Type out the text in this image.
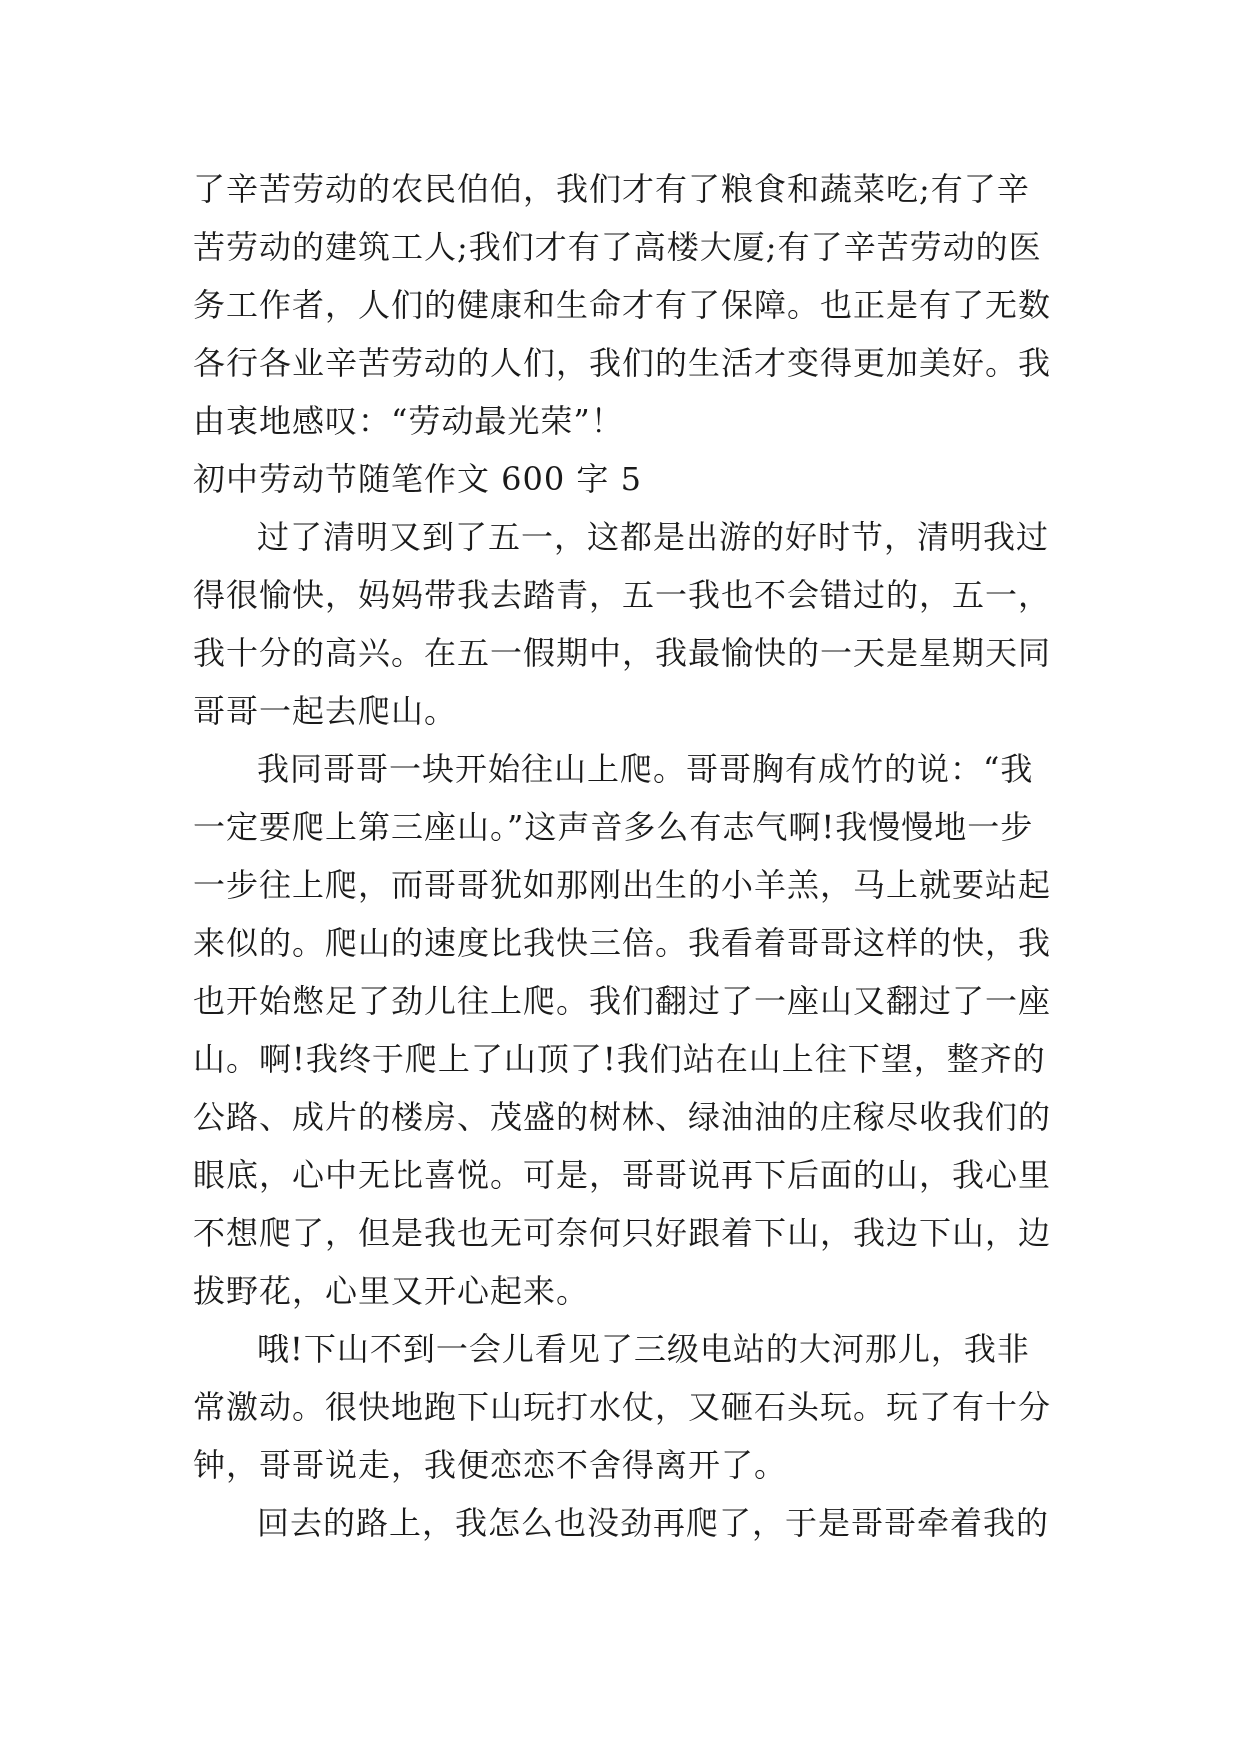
了辛苦劳动的农民伯伯，我们才有了粮食和蔬菜吃;有了辛
苦劳动的建筑工人;我们才有了高楼大厦;有了辛苦劳动的医
务工作者，人们的健康和生命才有了保障。也正是有了无数
各行各业辛苦劳动的人们，我们的生活才变得更加美好。我
由衷地感叹：“劳动最光荣”！
初中劳动节随笔作文 600 字 5
过了清明又到了五一，这都是出游的好时节，清明我过
得很愉快，妈妈带我去踏青，五一我也不会错过的，五一，
我十分的高兴。在五一假期中，我最愉快的一天是星期天同
哥哥一起去爬山。
我同哥哥一块开始往山上爬。哥哥胸有成竹的说：“我
一定要爬上第三座山。”这声音多么有志气啊!我慢慢地一步
一步往上爬，而哥哥犹如那刚出生的小羊羔，马上就要站起
来似的。爬山的速度比我快三倍。我看着哥哥这样的快，我
也开始憋足了劲儿往上爬。我们翻过了一座山又翻过了一座
山。啊!我终于爬上了山顶了!我们站在山上往下望，整齐的
公路、成片的楼房、茂盛的树林、绿油油的庄稼尽收我们的
眼底，心中无比喜悦。可是，哥哥说再下后面的山，我心里
不想爬了，但是我也无可奈何只好跟着下山，我边下山，边
拔野花，心里又开心起来。
哦!下山不到一会儿看见了三级电站的大河那儿，我非
常激动。很快地跑下山玩打水仗，又砸石头玩。玩了有十分
钟，哥哥说走，我便恋恋不舍得离开了。
回去的路上，我怎么也没劲再爬了，于是哥哥牵着我的
